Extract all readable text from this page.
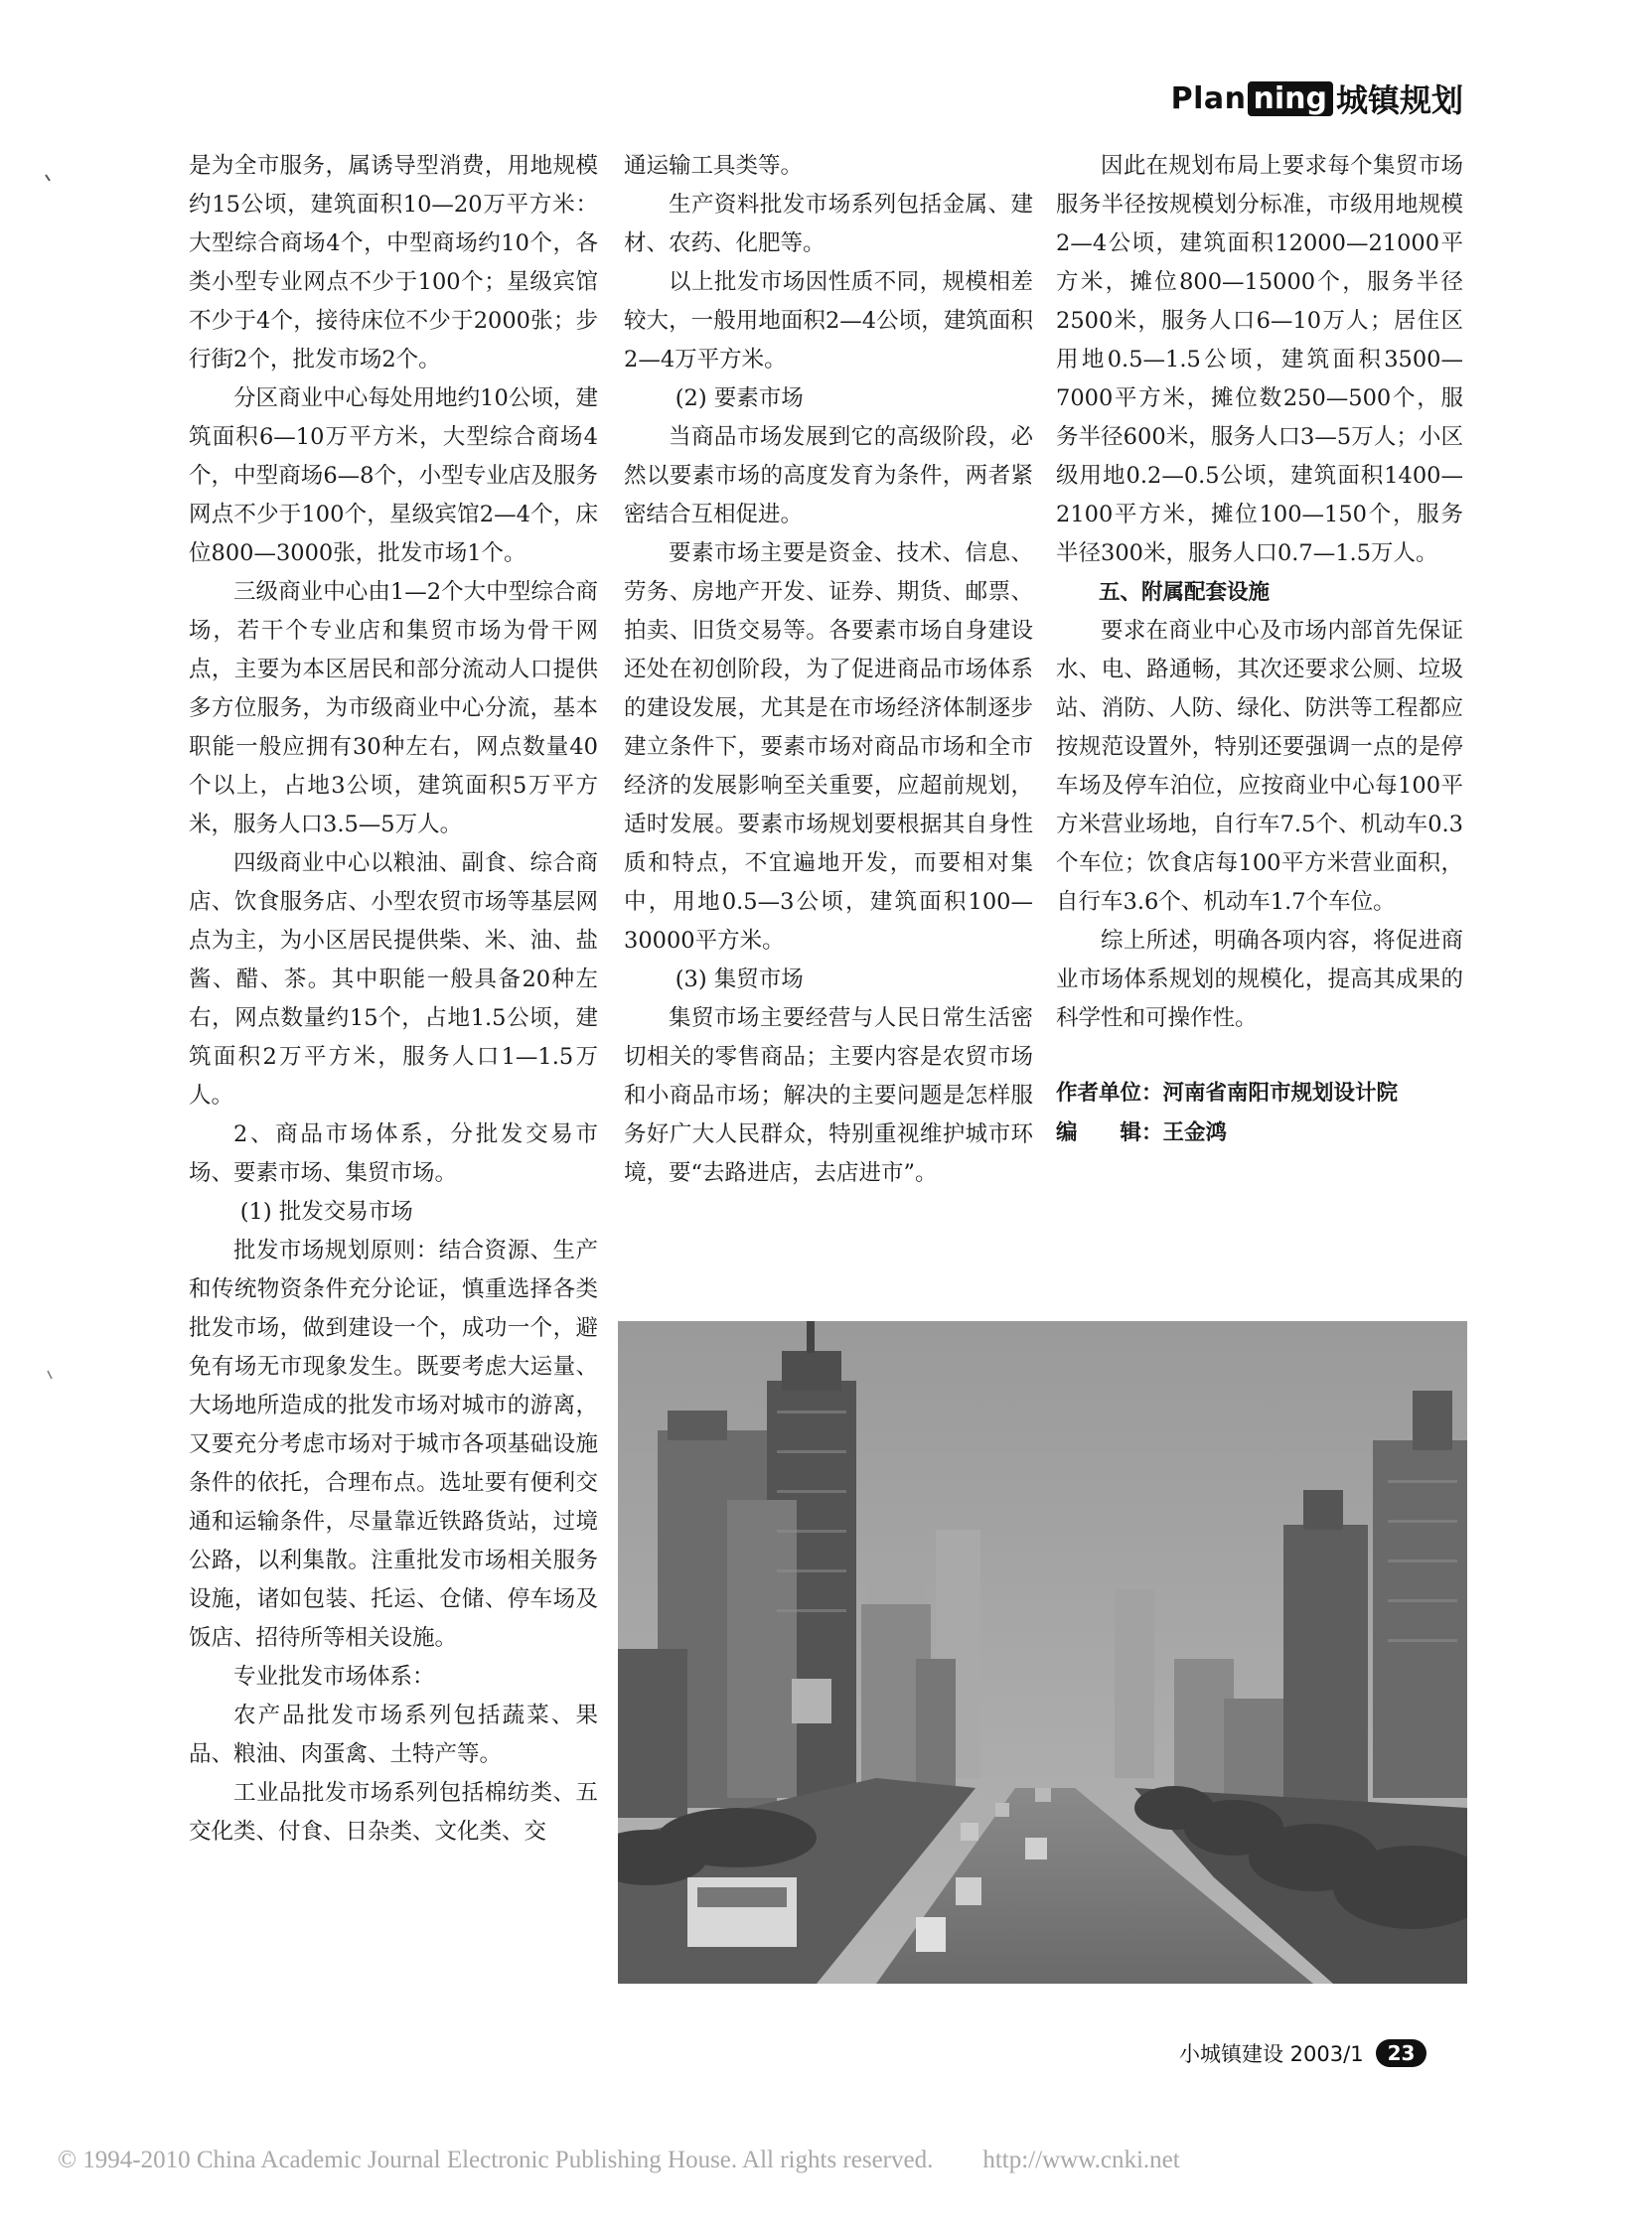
Plan ning 城镇规划

是为全市服务，属诱导型消费，用地规模约15公顷，建筑面积10—20万平方米：大型综合商场4个，中型商场约10个，各类小型专业网点不少于100个；星级宾馆不少于4个，接待床位不少于2000张；步行街2个，批发市场2个。

分区商业中心每处用地约10公顷，建筑面积6—10万平方米，大型综合商场4个，中型商场6—8个，小型专业店及服务网点不少于100个，星级宾馆2—4个，床位800—3000张，批发市场1个。

三级商业中心由1—2个大中型综合商场，若干个专业店和集贸市场为骨干网点，主要为本区居民和部分流动人口提供多方位服务，为市级商业中心分流，基本职能一般应拥有30种左右，网点数量40个以上，占地3公顷，建筑面积5万平方米，服务人口3.5—5万人。

四级商业中心以粮油、副食、综合商店、饮食服务店、小型农贸市场等基层网点为主，为小区居民提供柴、米、油、盐酱、醋、茶。其中职能一般具备20种左右，网点数量约15个，占地1.5公顷，建筑面积2万平方米，服务人口1—1.5万人。

2、商品市场体系，分批发交易市场、要素市场、集贸市场。

(1) 批发交易市场

批发市场规划原则：结合资源、生产和传统物资条件充分论证，慎重选择各类批发市场，做到建设一个，成功一个，避免有场无市现象发生。既要考虑大运量、大场地所造成的批发市场对城市的游离，又要充分考虑市场对于城市各项基础设施条件的依托，合理布点。选址要有便利交通和运输条件，尽量靠近铁路货站，过境公路，以利集散。注重批发市场相关服务设施，诸如包装、托运、仓储、停车场及饭店、招待所等相关设施。

专业批发市场体系：

农产品批发市场系列包括蔬菜、果品、粮油、肉蛋禽、土特产等。

工业品批发市场系列包括棉纺类、五交化类、付食、日杂类、文化类、交

通运输工具类等。

生产资料批发市场系列包括金属、建材、农药、化肥等。

以上批发市场因性质不同，规模相差较大，一般用地面积2—4公顷，建筑面积2—4万平方米。

(2) 要素市场

当商品市场发展到它的高级阶段，必然以要素市场的高度发育为条件，两者紧密结合互相促进。

要素市场主要是资金、技术、信息、劳务、房地产开发、证券、期货、邮票、拍卖、旧货交易等。各要素市场自身建设还处在初创阶段，为了促进商品市场体系的建设发展，尤其是在市场经济体制逐步建立条件下，要素市场对商品市场和全市经济的发展影响至关重要，应超前规划，适时发展。要素市场规划要根据其自身性质和特点，不宜遍地开发，而要相对集中，用地0.5—3公顷，建筑面积100—30000平方米。

(3) 集贸市场

集贸市场主要经营与人民日常生活密切相关的零售商品；主要内容是农贸市场和小商品市场；解决的主要问题是怎样服务好广大人民群众，特别重视维护城市环境，要“去路进店，去店进市”。

因此在规划布局上要求每个集贸市场服务半径按规模划分标准，市级用地规模2—4公顷，建筑面积12000—21000平方米，摊位800—15000个，服务半径2500米，服务人口6—10万人；居住区用地0.5—1.5公顷，建筑面积3500—7000平方米，摊位数250—500个，服务半径600米，服务人口3—5万人；小区级用地0.2—0.5公顷，建筑面积1400—2100平方米，摊位100—150个，服务半径300米，服务人口0.7—1.5万人。

五、附属配套设施

要求在商业中心及市场内部首先保证水、电、路通畅，其次还要求公厕、垃圾站、消防、人防、绿化、防洪等工程都应按规范设置外，特别还要强调一点的是停车场及停车泊位，应按商业中心每100平方米营业场地，自行车7.5个、机动车0.3个车位；饮食店每100平方米营业面积，自行车3.6个、机动车1.7个车位。

综上所述，明确各项内容，将促进商业市场体系规划的规模化，提高其成果的科学性和可操作性。

作者单位：河南省南阳市规划设计院
编　　辑：王金鸿
小城镇建设 2003/1	23
© 1994-2010 China Academic Journal Electronic Publishing House. All rights reserved.　　http://www.cnki.net
